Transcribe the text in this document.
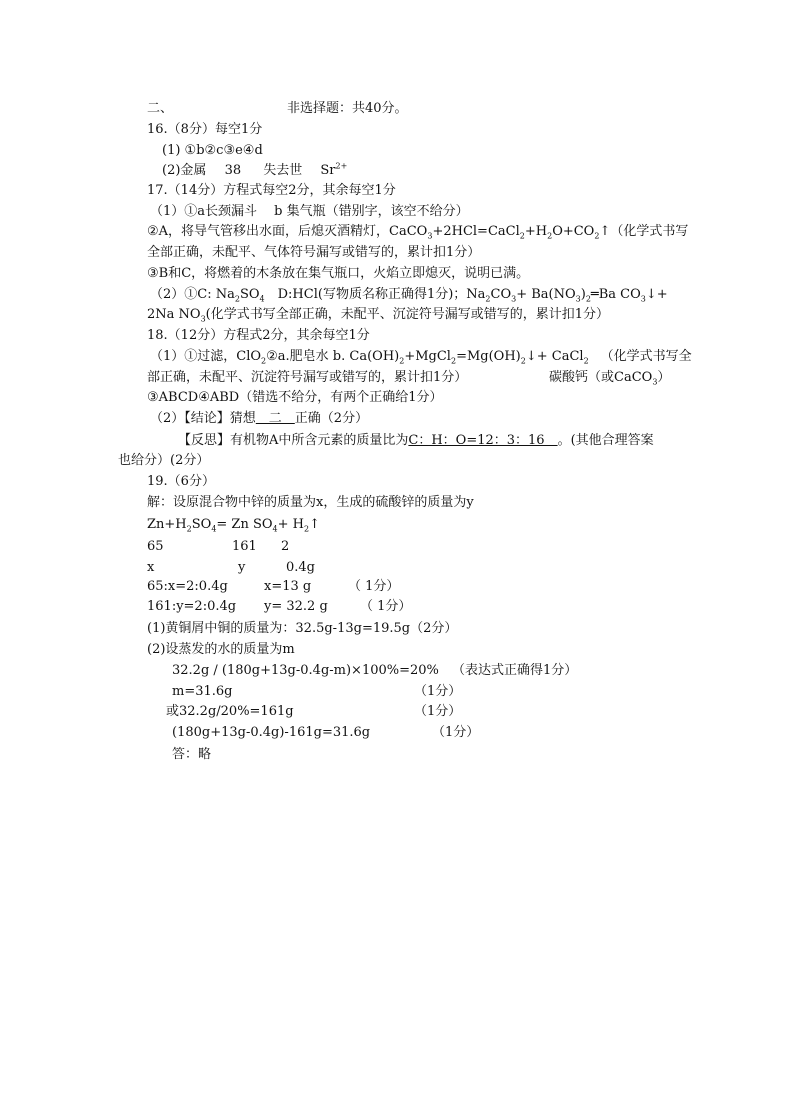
二、	非选择题：共40分。
16.（8分）每空1分
(1) ①b②c③e④d
(2)金属 38 失去世 $Sr^{2+}$
17.（14分）方程式每空2分，其余每空1分
（1）①a长颈漏斗　 b 集气瓶（错别字，该空不给分）
②A，将导气管移出水面，后熄灭酒精灯，$CaCO_3+2HCl=CaCl_2+H_2O+CO_2↑$（化学式书写
全部正确，未配平、气体符号漏写或错写的，累计扣1分）
③B和C，将燃着的木条放在集气瓶口，火焰立即熄灭，说明已满。
（2）①C: $Na_2SO_4$　D:HCl(写物质名称正确得1分)；$Na_2CO_3+$ $Ba(NO_3)_2═Ba$ $CO_3↓+$
2Na $NO_3$(化学式书写全部正确，未配平、沉淀符号漏写或错写的，累计扣1分）
18.（12分）方程式2分，其余每空1分
（1）①过滤，ClO$_2$②a.肥皂水 b. $Ca(OH)_2+MgCl_2=Mg(OH)_2↓+$ CaCl$_2$ （化学式书写全
部正确，未配平、沉淀符号漏写或错写的，累计扣1分）	碳酸钙（或CaCO$_3$）
③ABCD④ABD（错选不给分，有两个正确给1分）
（2）【结论】猜想　二　正确（2分）
【反思】有机物A中所含元素的质量比为C：H：O=12：3：16　。(其他合理答案
也给分）(2分）
19.（6分）
解：设原混合物中锌的质量为x，生成的硫酸锌的质量为y
$Zn+H_2SO_4= Zn$ $SO_4+$ $H_2↑$
65	161 2
x	y	0.4g
65:x=2:0.4g	x=13 g	（ 1分）
161:y=2:0.4g y= 32.2 g （ 1分）
(1)黄铜屑中铜的质量为：32.5g-13g=19.5g（2分）
(2)设蒸发的水的质量为m
32.2g / (180g+13g-0.4g-m)×100%=20% （表达式正确得1分）
m=31.6g	（1分）
或32.2g/20%=161g	（1分）
(180g+13g-0.4g)-161g=31.6g	（1分）
答：略
